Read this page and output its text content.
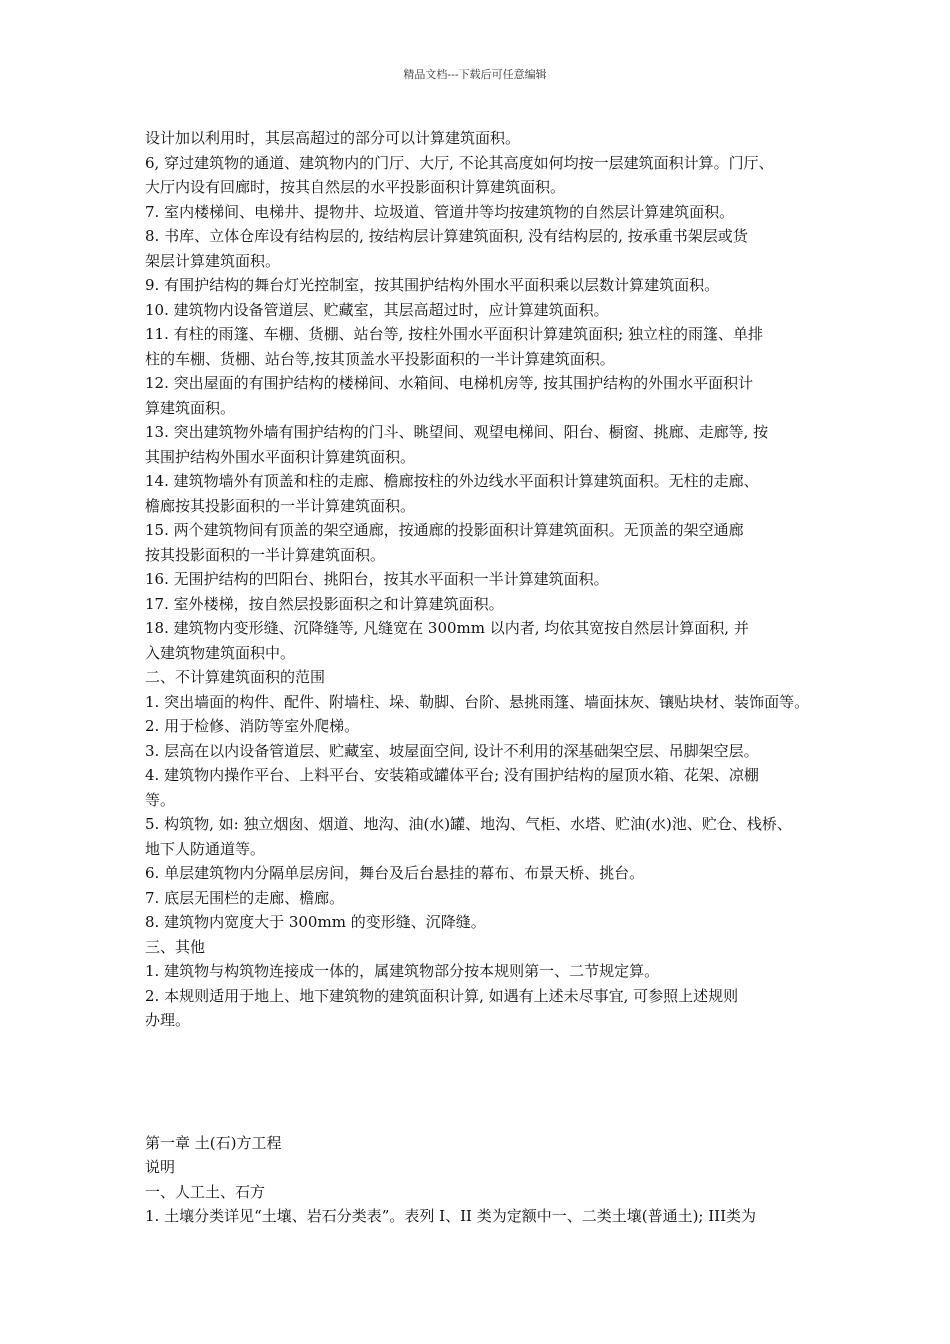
精品文档---下载后可任意编辑
设计加以利用时，其层高超过的部分可以计算建筑面积。
6, 穿过建筑物的通道、建筑物内的门厅、大厅, 不论其高度如何均按一层建筑面积计算。门厅、
大厅内设有回廊时，按其自然层的水平投影面积计算建筑面积。
7. 室内楼梯间、电梯井、提物井、垃圾道、管道井等均按建筑物的自然层计算建筑面积。
8. 书库、立体仓库设有结构层的, 按结构层计算建筑面积, 没有结构层的, 按承重书架层或货
架层计算建筑面积。
9. 有围护结构的舞台灯光控制室，按其围护结构外围水平面积乘以层数计算建筑面积。
10. 建筑物内设备管道层、贮藏室，其层高超过时，应计算建筑面积。
11. 有柱的雨篷、车棚、货棚、站台等, 按柱外围水平面积计算建筑面积; 独立柱的雨篷、单排
柱的车棚、货棚、站台等,按其顶盖水平投影面积的一半计算建筑面积。
12. 突出屋面的有围护结构的楼梯间、水箱间、电梯机房等, 按其围护结构的外围水平面积计
算建筑面积。
13. 突出建筑物外墙有围护结构的门斗、眺望间、观望电梯间、阳台、橱窗、挑廊、走廊等, 按
其围护结构外围水平面积计算建筑面积。
14. 建筑物墙外有顶盖和柱的走廊、檐廊按柱的外边线水平面积计算建筑面积。无柱的走廊、
檐廊按其投影面积的一半计算建筑面积。
15. 两个建筑物间有顶盖的架空通廊，按通廊的投影面积计算建筑面积。无顶盖的架空通廊
按其投影面积的一半计算建筑面积。
16. 无围护结构的凹阳台、挑阳台，按其水平面积一半计算建筑面积。
17. 室外楼梯，按自然层投影面积之和计算建筑面积。
18. 建筑物内变形缝、沉降缝等, 凡缝宽在 300mm 以内者, 均依其宽按自然层计算面积, 并
入建筑物建筑面积中。
二、不计算建筑面积的范围
1. 突出墙面的构件、配件、附墙柱、垛、勒脚、台阶、悬挑雨篷、墙面抹灰、镶贴块材、装饰面等。
2. 用于检修、消防等室外爬梯。
3. 层高在以内设备管道层、贮藏室、坡屋面空间, 设计不利用的深基础架空层、吊脚架空层。
4. 建筑物内操作平台、上料平台、安装箱或罐体平台; 没有围护结构的屋顶水箱、花架、凉棚
等。
5. 构筑物, 如: 独立烟囱、烟道、地沟、油(水)罐、地沟、气柜、水塔、贮油(水)池、贮仓、栈桥、
地下人防通道等。
6. 单层建筑物内分隔单层房间，舞台及后台悬挂的幕布、布景天桥、挑台。
7. 底层无围栏的走廊、檐廊。
8. 建筑物内宽度大于 300mm 的变形缝、沉降缝。
三、其他
1. 建筑物与构筑物连接成一体的，属建筑物部分按本规则第一、二节规定算。
2. 本规则适用于地上、地下建筑物的建筑面积计算, 如遇有上述未尽事宜, 可参照上述规则
办理。
第一章 土(石)方工程
说明
一、人工土、石方
1. 土壤分类详见“土壤、岩石分类表”。表列 I、II 类为定额中一、二类土壤(普通土); III类为
